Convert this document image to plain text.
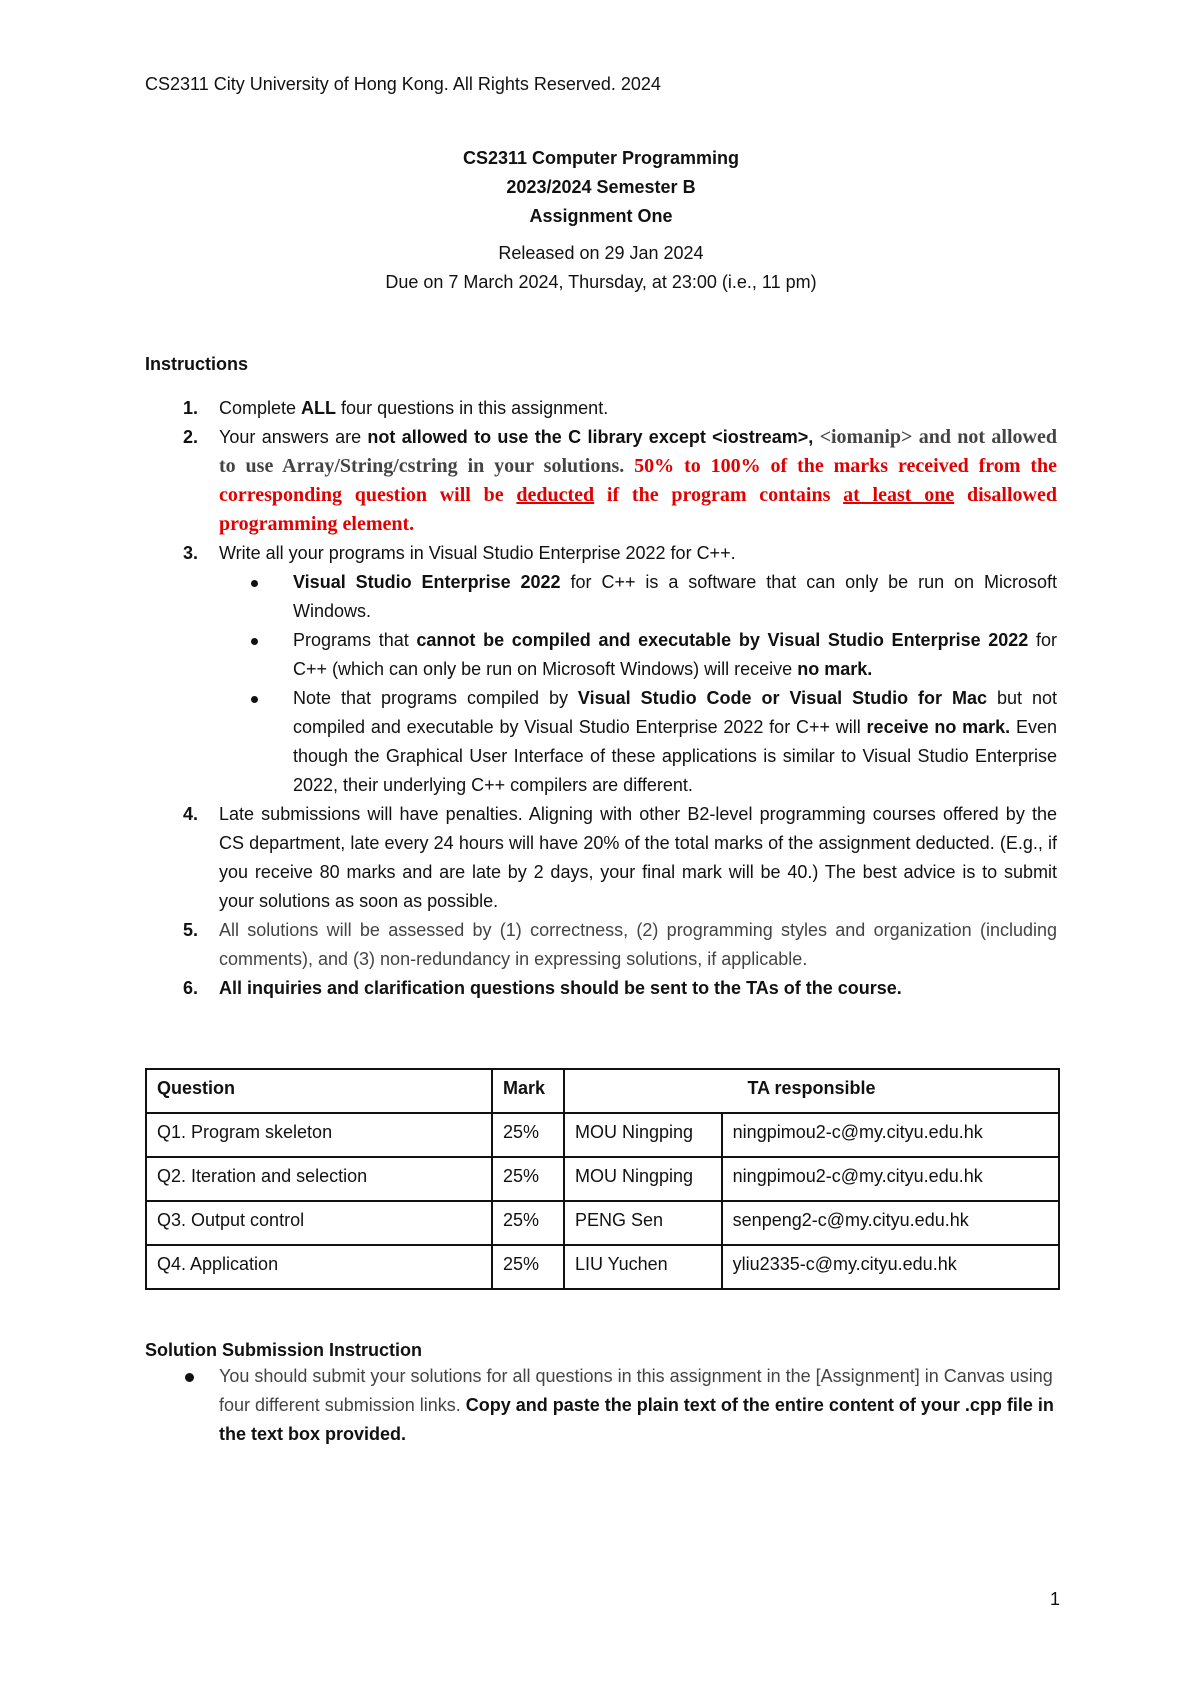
CS2311 City University of Hong Kong. All Rights Reserved. 2024
CS2311 Computer Programming
2023/2024 Semester B
Assignment One
Released on 29 Jan 2024
Due on 7 March 2024, Thursday, at 23:00 (i.e., 11 pm)
Instructions
1.	Complete ALL four questions in this assignment.
2.	Your answers are not allowed to use the C library except <iostream>, <iomanip> and not allowed to use Array/String/cstring in your solutions. 50% to 100% of the marks received from the corresponding question will be deducted if the program contains at least one disallowed programming element.
3.	Write all your programs in Visual Studio Enterprise 2022 for C++.
Visual Studio Enterprise 2022 for C++ is a software that can only be run on Microsoft Windows.
Programs that cannot be compiled and executable by Visual Studio Enterprise 2022 for C++ (which can only be run on Microsoft Windows) will receive no mark.
Note that programs compiled by Visual Studio Code or Visual Studio for Mac but not compiled and executable by Visual Studio Enterprise 2022 for C++ will receive no mark. Even though the Graphical User Interface of these applications is similar to Visual Studio Enterprise 2022, their underlying C++ compilers are different.
4.	Late submissions will have penalties. Aligning with other B2-level programming courses offered by the CS department, late every 24 hours will have 20% of the total marks of the assignment deducted. (E.g., if you receive 80 marks and are late by 2 days, your final mark will be 40.) The best advice is to submit your solutions as soon as possible.
5.	All solutions will be assessed by (1) correctness, (2) programming styles and organization (including comments), and (3) non-redundancy in expressing solutions, if applicable.
6.	All inquiries and clarification questions should be sent to the TAs of the course.
Question	Mark	TA responsible	
Q1. Program skeleton	25%	MOU Ningping	ningpimou2-c@my.cityu.edu.hk
Q2. Iteration and selection	25%	MOU Ningping	ningpimou2-c@my.cityu.edu.hk
Q3. Output control	25%	PENG Sen	senpeng2-c@my.cityu.edu.hk
Q4. Application	25%	LIU Yuchen	yliu2335-c@my.cityu.edu.hk
Solution Submission Instruction
You should submit your solutions for all questions in this assignment in the [Assignment] in Canvas using four different submission links. Copy and paste the plain text of the entire content of your .cpp file in the text box provided.
1
